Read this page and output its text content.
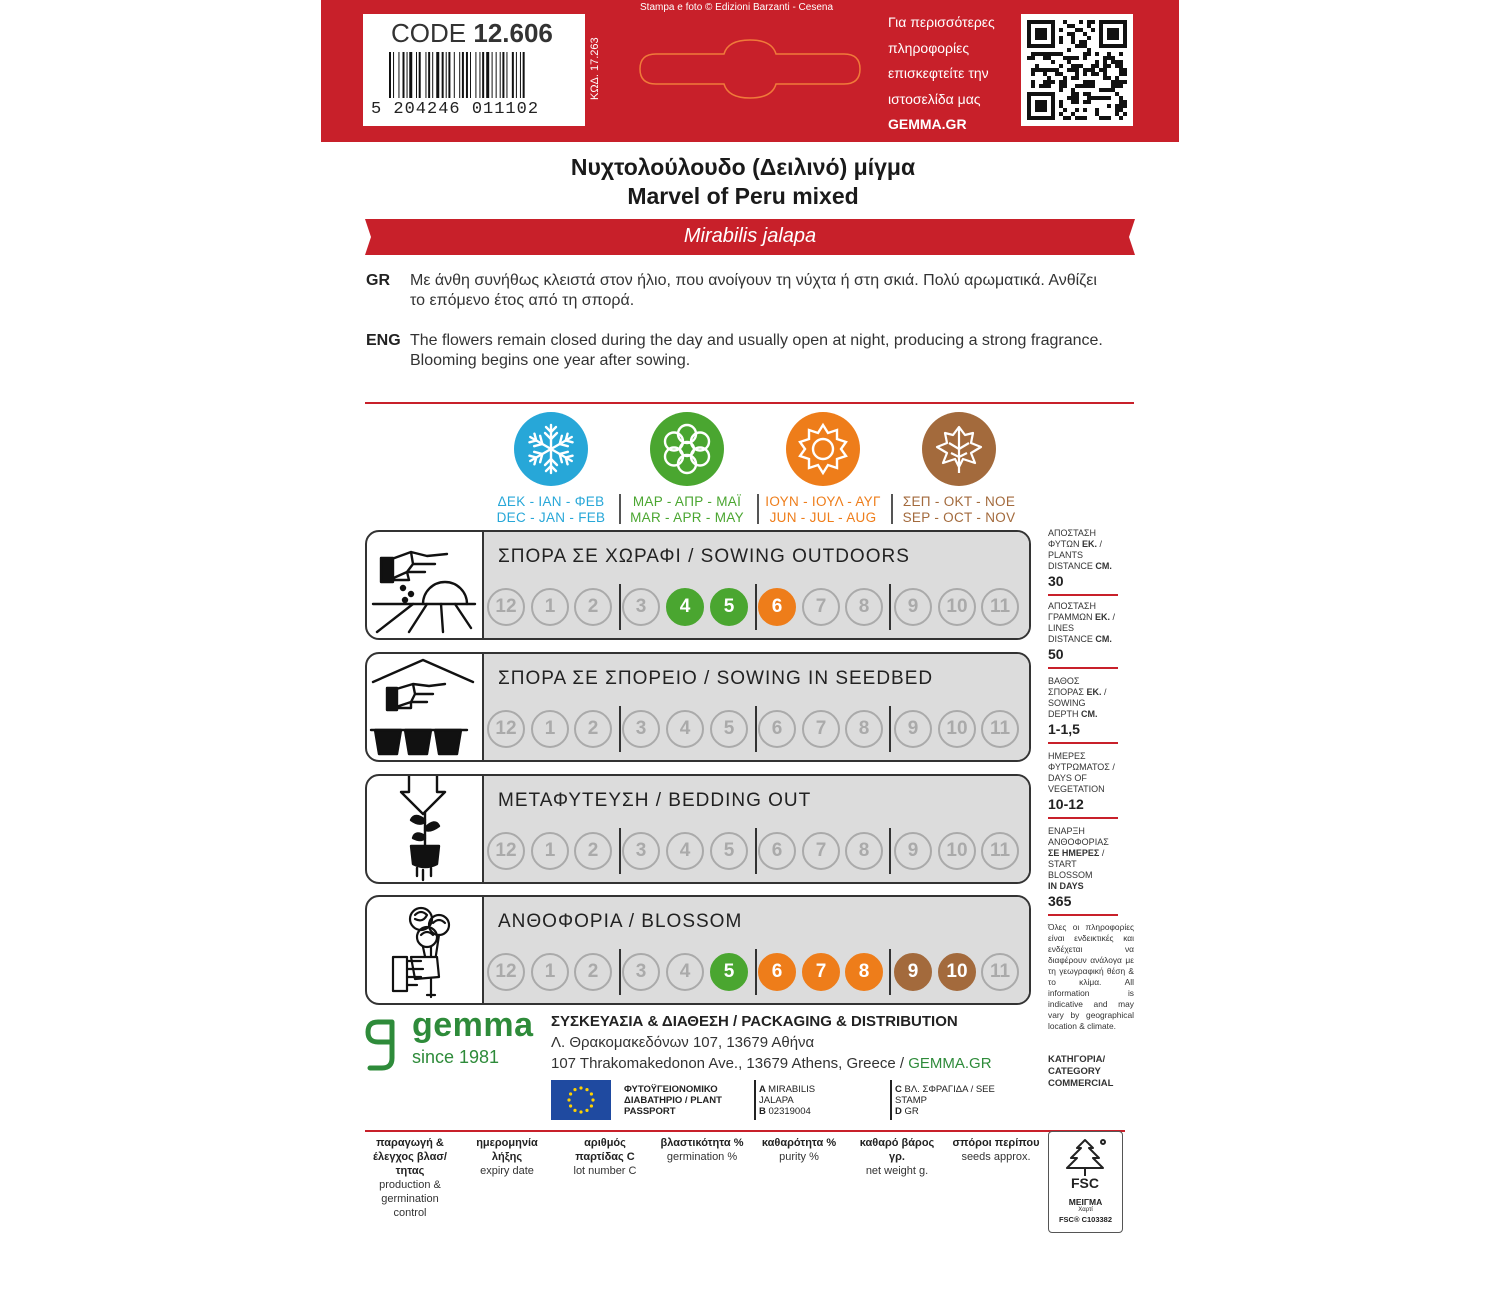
Stampa e foto © Edizioni Barzanti - Cesena
CODE 12.606
5 204246 011102
ΚΩΔ. 17.263
Για περισσότερες
πληροφορίες
επισκεφτείτε την
ιστοσελίδα μας
GEMMA.GR
Νυχτολούλουδο (Δειλινό) μίγμα
Marvel of Peru mixed
Mirabilis jalapa
GR Με άνθη συνήθως κλειστά στον ήλιο, που ανοίγουν τη νύχτα ή στη σκιά. Πολύ αρωματικά. Ανθίζει το επόμενο έτος από τη σπορά.
ENG The flowers remain closed during the day and usually open at night, producing a strong fragrance. Blooming begins one year after sowing.
ΔΕΚ - ΙΑΝ - ΦΕΒ
DEC - JAN - FEB
ΜΑΡ - ΑΠΡ - ΜΑΪ
MAR - APR - MAY
ΙΟΥΝ - ΙΟΥΛ - ΑΥΓ
JUN - JUL - AUG
ΣΕΠ - ΟΚΤ - ΝΟΕ
SEP - OCT - NOV
ΣΠΟΡΑ ΣΕ ΧΩΡΑΦΙ / SOWING OUTDOORS
ΣΠΟΡΑ ΣΕ ΣΠΟΡΕΙΟ / SOWING IN SEEDBED
ΜΕΤΑΦΥΤΕΥΣΗ / BEDDING OUT
ΑΝΘΟΦΟΡΙΑ / BLOSSOM
ΑΠΟΣΤΑΣΗ
ΦΥΤΩΝ ΕΚ. /
PLANTS
DISTANCE CM.
30
ΑΠΟΣΤΑΣΗ
ΓΡΑΜΜΩΝ ΕΚ. /
LINES
DISTANCE CM.
50
ΒΑΘΟΣ
ΣΠΟΡΑΣ ΕΚ. /
SOWING
DEPTH CM.
1-1,5
ΗΜΕΡΕΣ
ΦΥΤΡΩΜΑΤΟΣ /
DAYS OF
VEGETATION
10-12
ΕΝΑΡΞΗ
ΑΝΘΟΦΟΡΙΑΣ
ΣΕ ΗΜΕΡΕΣ /
START
BLOSSOM
IN DAYS
365
Όλες οι πληροφορίες είναι ενδεικτικές και ενδέχεται να διαφέρουν ανάλογα με τη γεωγραφική θέση & το κλίμα. All information is indicative and may vary by geographical location & climate.
ΚΑΤΗΓΟΡΙΑ/ CATEGORY COMMERCIAL
gemma
since 1981
ΣΥΣΚΕΥΑΣΙΑ & ΔΙΑΘΕΣΗ / PACKAGING & DISTRIBUTION
Λ. Θρακομακεδόνων 107, 13679 Αθήνα
107 Thrakomakedonon Ave., 13679 Athens, Greece / GEMMA.GR
ΦΥΤΟΫΓΕΙΟΝΟΜΙΚΟ ΔΙΑΒΑΤΗΡΙΟ / PLANT PASSPORT
A MIRABILIS JALAPA
B 02319004
C ΒΛ. ΣΦΡΑΓΙΔΑ / SEE STAMP
D GR
παραγωγή & έλεγχος βλασ/τητας
production & germination control
ημερομηνία λήξης
expiry date
αριθμός παρτίδας C
lot number C
βλαστικότητα %
germination %
καθαρότητα %
purity %
καθαρό βάρος γρ.
net weight g.
σπόροι περίπου
seeds approx.
FSC
ΜΕΙΓΜΑ
Χαρτί
FSC® C103382
12	1	2	3	4	5	6	7	8	9	10	11
12	1	2	3	4	5	6	7	8	9	10	11
12	1	2	3	4	5	6	7	8	9	10	11
12	1	2	3	4	5	6	7	8	9	10	11
